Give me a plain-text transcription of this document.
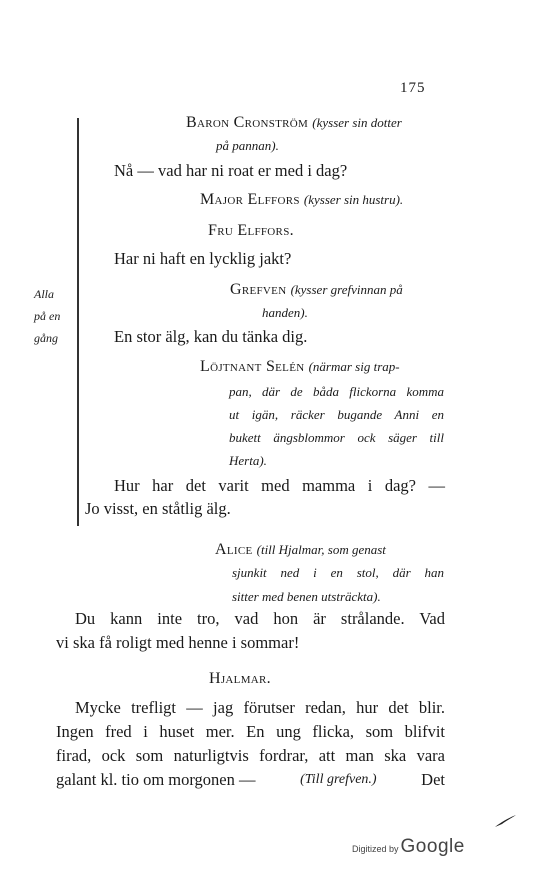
175
Alla
på en
gång
Baron Cronström (kysser sin dotter
på pannan).
Nå — vad har ni roat er med i dag?
Major Elffors (kysser sin hustru).
Fru Elffors.
Har ni haft en lycklig jakt?
Grefven (kysser grefvinnan på
handen).
En stor älg, kan du tänka dig.
Löjtnant Selén (närmar sig trap-
pan, där de båda flickorna komma
ut igän, räcker bugande Anni en
bukett ängsblommor ock säger till
Herta).
Hur har det varit med mamma i dag? —
Jo visst, en ståtlig älg.
Alice (till Hjalmar, som genast
sjunkit ned i en stol, där han
sitter med benen utsträckta).
Du kann inte tro, vad hon är strålande. Vad
vi ska få roligt med henne i sommar!
Hjalmar.
Mycke trefligt — jag förutser redan, hur det blir.
Ingen fred i huset mer. En ung flicka, som blifvit
firad, ock som naturligtvis fordrar, att man ska vara
galant kl. tio om morgonen —	(Till grefven.)	Det
Digitized by Google
